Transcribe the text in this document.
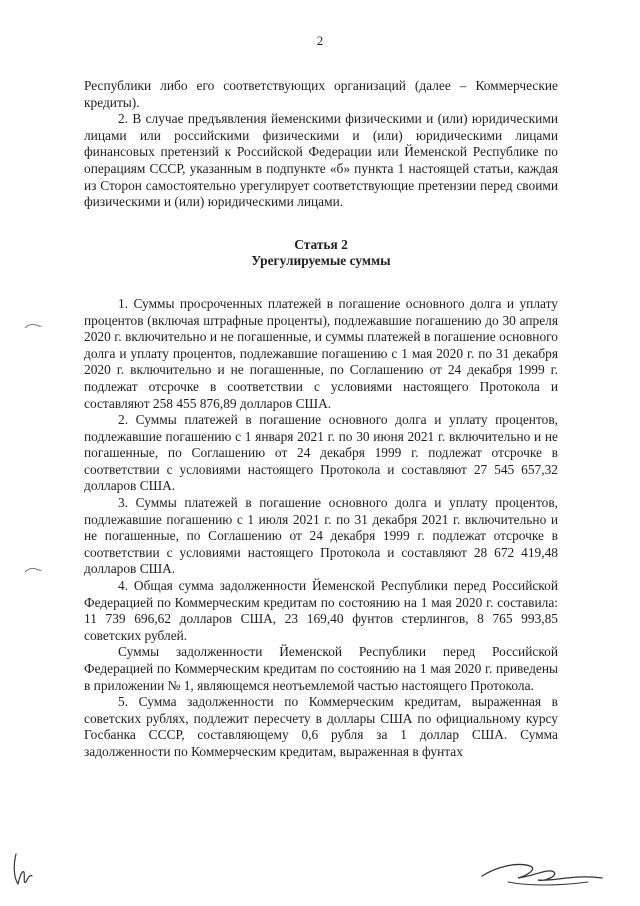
2

Республики либо его соответствующих организаций (далее – Коммерческие кредиты).

2. В случае предъявления йеменскими физическими и (или) юридическими лицами или российскими физическими и (или) юридическими лицами финансовых претензий к Российской Федерации или Йеменской Республике по операциям СССР, указанным в подпункте «б» пункта 1 настоящей статьи, каждая из Сторон самостоятельно урегулирует соответствующие претензии перед своими физическими и (или) юридическими лицами.

Статья 2

Урегулируемые суммы

1. Суммы просроченных платежей в погашение основного долга и уплату процентов (включая штрафные проценты), подлежавшие погашению до 30 апреля 2020 г. включительно и не погашенные, и суммы платежей в погашение основного долга и уплату процентов, подлежавшие погашению с 1 мая 2020 г. по 31 декабря 2020 г. включительно и не погашенные, по Соглашению от 24 декабря 1999 г. подлежат отсрочке в соответствии с условиями настоящего Протокола и составляют 258 455 876,89 долларов США.

2. Суммы платежей в погашение основного долга и уплату процентов, подлежавшие погашению с 1 января 2021 г. по 30 июня 2021 г. включительно и не погашенные, по Соглашению от 24 декабря 1999 г. подлежат отсрочке в соответствии с условиями настоящего Протокола и составляют 27 545 657,32 долларов США.

3. Суммы платежей в погашение основного долга и уплату процентов, подлежавшие погашению с 1 июля 2021 г. по 31 декабря 2021 г. включительно и не погашенные, по Соглашению от 24 декабря 1999 г. подлежат отсрочке в соответствии с условиями настоящего Протокола и составляют 28 672 419,48 долларов США.

4. Общая сумма задолженности Йеменской Республики перед Российской Федерацией по Коммерческим кредитам по состоянию на 1 мая 2020 г. составила: 11 739 696,62 долларов США, 23 169,40 фунтов стерлингов, 8 765 993,85 советских рублей.

Суммы задолженности Йеменской Республики перед Российской Федерацией по Коммерческим кредитам по состоянию на 1 мая 2020 г. приведены в приложении № 1, являющемся неотъемлемой частью настоящего Протокола.

5. Сумма задолженности по Коммерческим кредитам, выраженная в советских рублях, подлежит пересчету в доллары США по официальному курсу Госбанка СССР, составляющему 0,6 рубля за 1 доллар США. Сумма задолженности по Коммерческим кредитам, выраженная в фунтах
